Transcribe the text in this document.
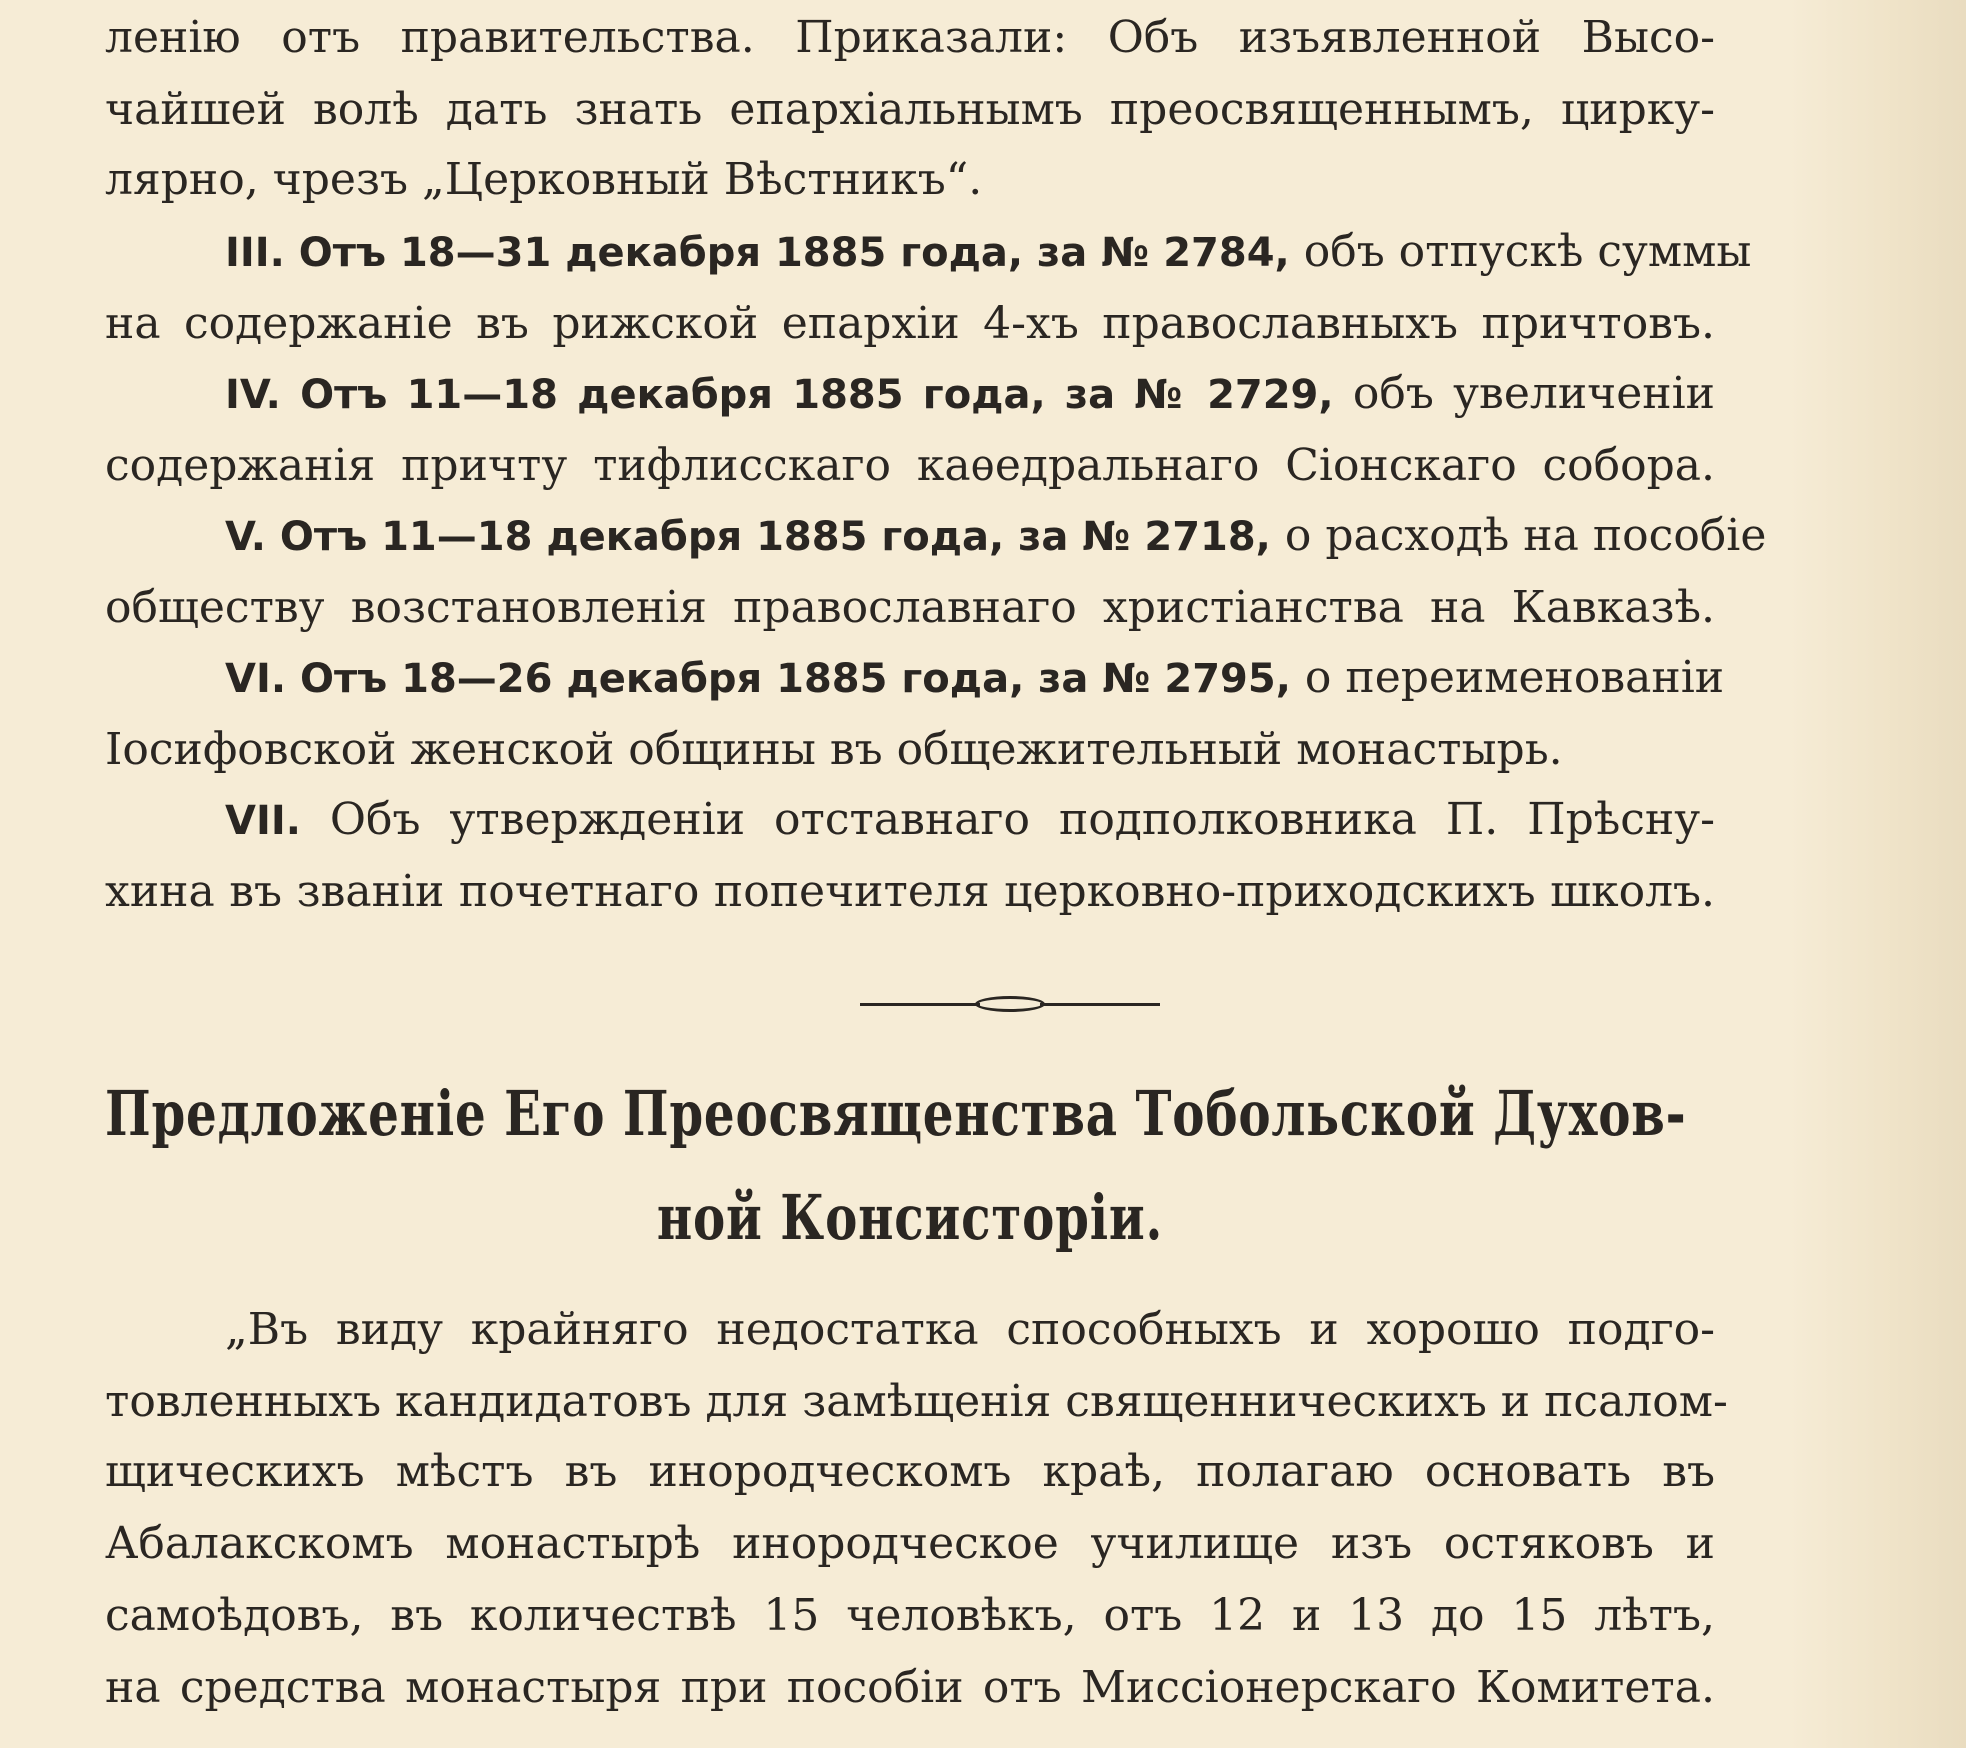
ленію отъ правительства. Приказали: Объ изъявленной Высо-
чайшей волѣ дать знать епархіальнымъ преосвященнымъ, цирку-
лярно, чрезъ „Церковный Вѣстникъ“.
III. Отъ 18—31 декабря 1885 года, за № 2784, объ отпускѣ суммы
на содержаніе въ рижской епархіи 4-хъ православныхъ причтовъ.
IV. Отъ 11—18 декабря 1885 года, за № 2729, объ увеличеніи
содержанія причту тифлисскаго каѳедральнаго Сіонскаго собора.
V. Отъ 11—18 декабря 1885 года, за № 2718, о расходѣ на пособіе
обществу возстановленія православнаго христіанства на Кавказѣ.
VI. Отъ 18—26 декабря 1885 года, за № 2795, о переименованіи
Іосифовской женской общины въ общежительный монастырь.
VII. Объ утвержденіи отставнаго подполковника П. Прѣсну-
хина въ званіи почетнаго попечителя церковно-приходскихъ школъ.
Предложеніе Его Преосвященства Тобольской Духов-
ной Консисторіи.
„Въ виду крайняго недостатка способныхъ и хорошо подго-
товленныхъ кандидатовъ для замѣщенія священническихъ и псалом-
щическихъ мѣстъ въ инородческомъ краѣ, полагаю основать въ
Абалакскомъ монастырѣ инородческое училище изъ остяковъ и
самоѣдовъ, въ количествѣ 15 человѣкъ, отъ 12 и 13 до 15 лѣтъ,
на средства монастыря при пособіи отъ Миссіонерскаго Комитета.
